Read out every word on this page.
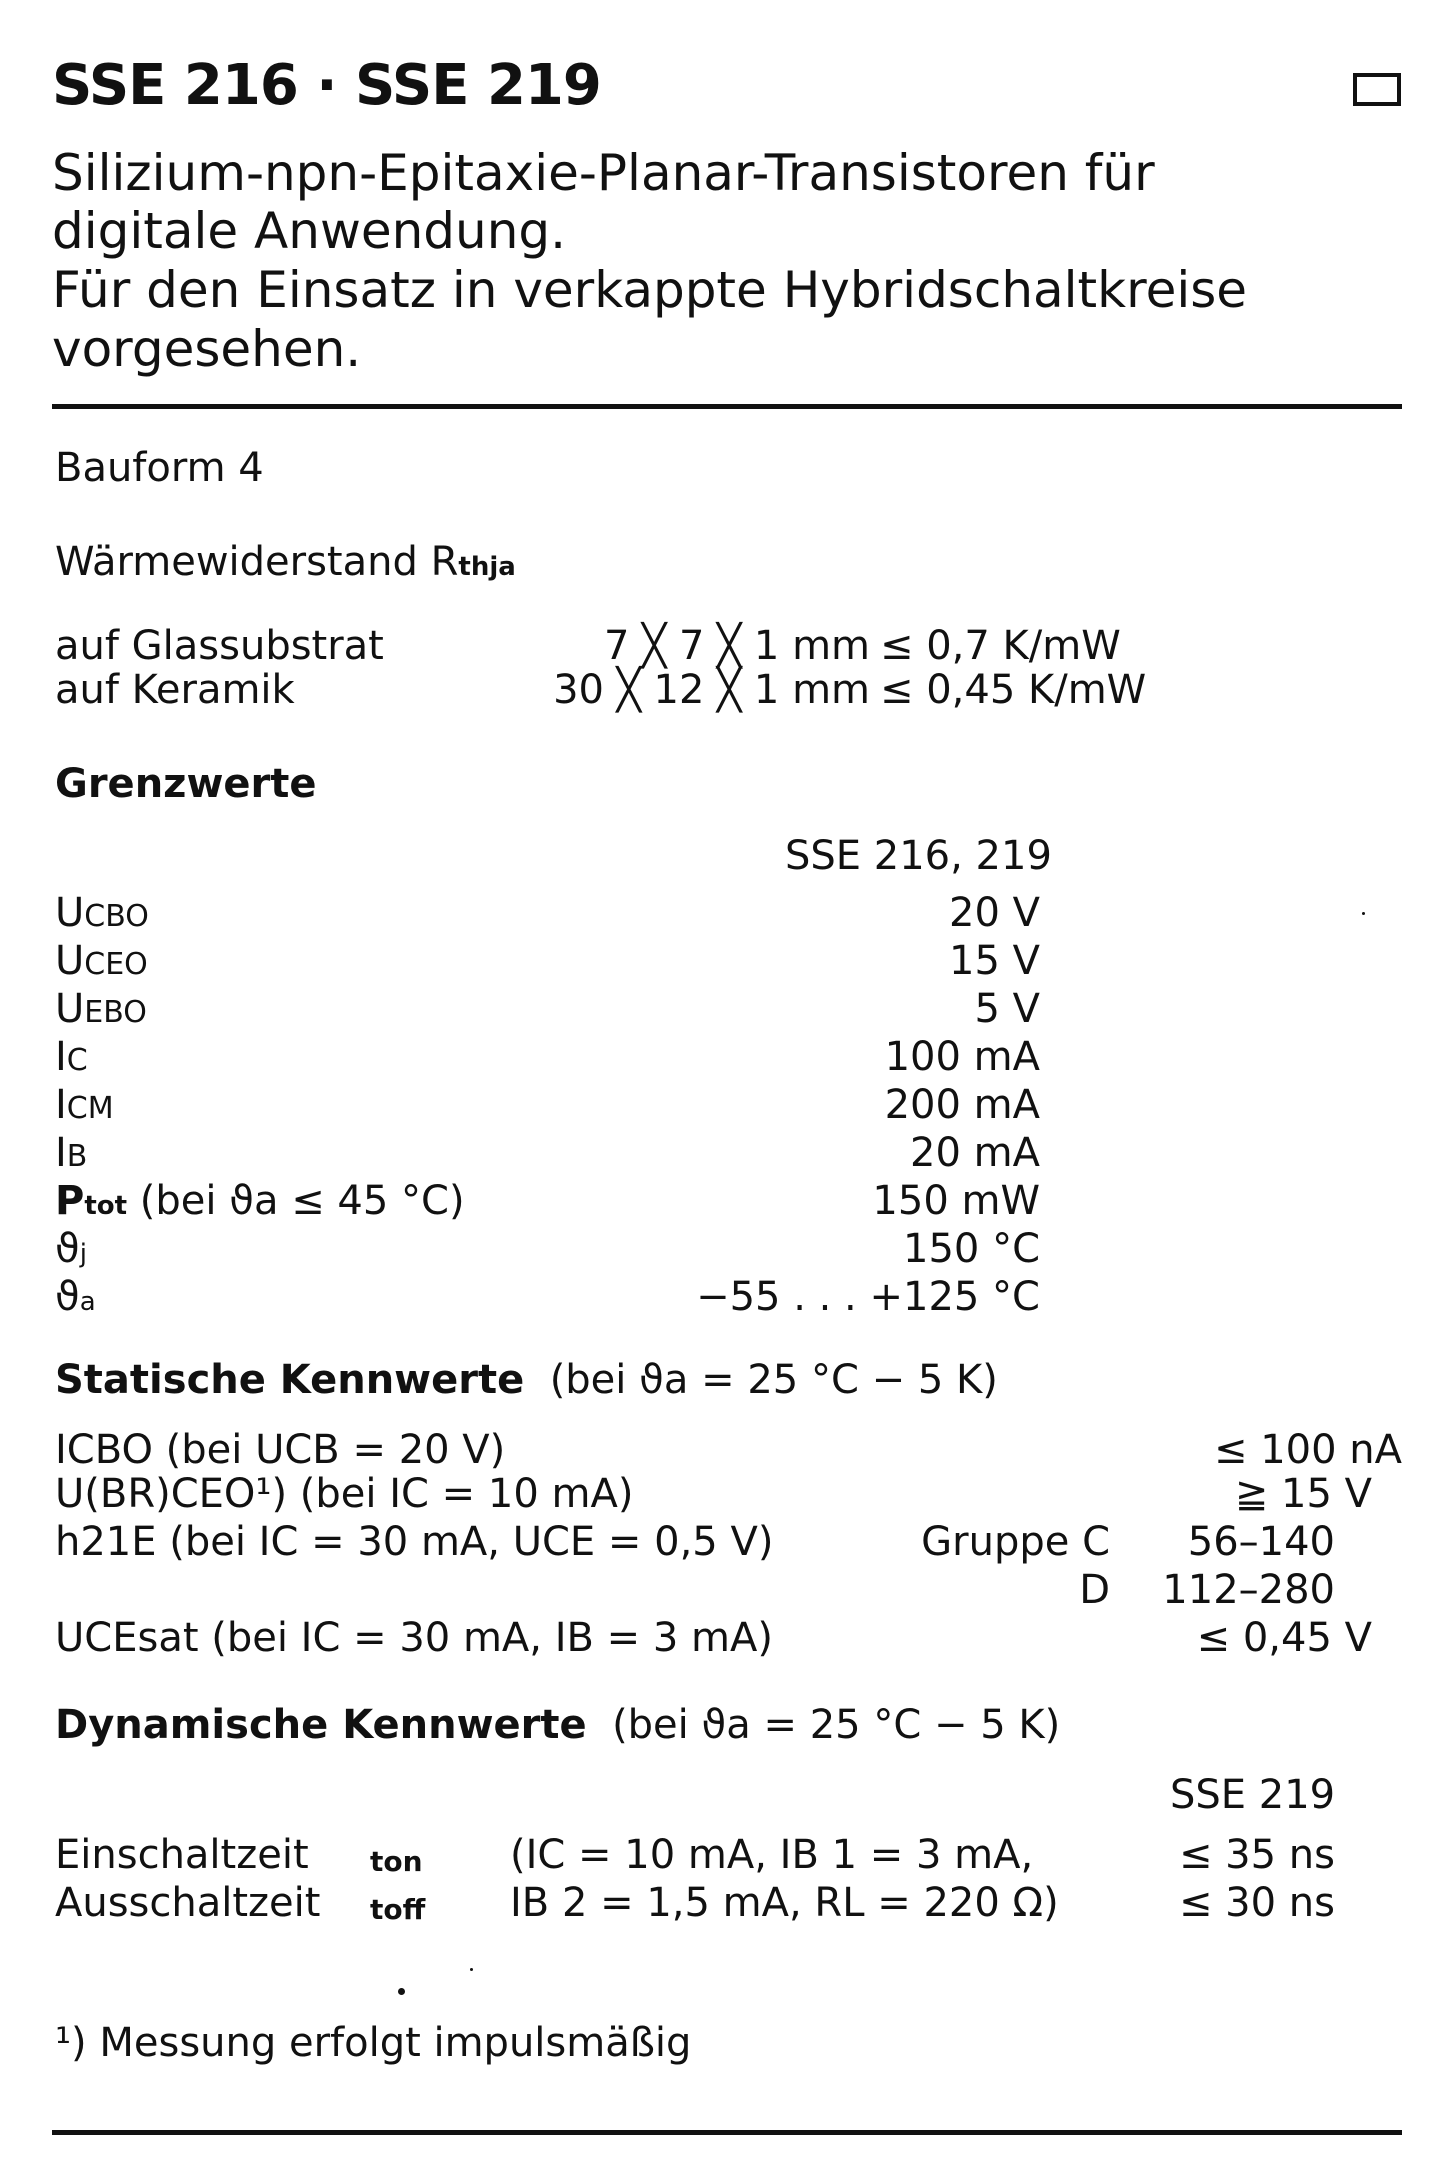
SSE 216 · SSE 219
Silizium-npn-Epitaxie-Planar-Transistoren für
digitale Anwendung.
Für den Einsatz in verkappte Hybridschaltkreise
vorgesehen.
Bauform 4
Wärmewiderstand Rthja
auf Glassubstrat	7 ╳ 7 ╳ 1 mm ≤ 0,7 K/mW
auf Keramik	30 ╳ 12 ╳ 1 mm ≤ 0,45 K/mW
Grenzwerte
SSE 216, 219
UCBO	20 V
UCEO	15 V
UEBO	5 V
IC	100 mA
ICM	200 mA
IB	20 mA
Ptot (bei ϑa ≤ 45 °C)	150 mW
ϑj	150 °C
ϑa	−55 . . . +125 °C
Statische Kennwerte (bei ϑa = 25 °C − 5 K)
ICBO (bei UCB = 20 V)	≤ 100 nA
U(BR)CEO¹) (bei IC = 10 mA)	≧ 15 V
h21E (bei IC = 30 mA, UCE = 0,5 V)	Gruppe C	56–140
D	112–280
UCEsat (bei IC = 30 mA, IB = 3 mA)	≤ 0,45 V
Dynamische Kennwerte (bei ϑa = 25 °C − 5 K)
SSE 219
Einschaltzeit ton (IC = 10 mA, IB 1 = 3 mA,	≤ 35 ns
Ausschaltzeit toff IB 2 = 1,5 mA, RL = 220 Ω)	≤ 30 ns
¹) Messung erfolgt impulsmäßig
